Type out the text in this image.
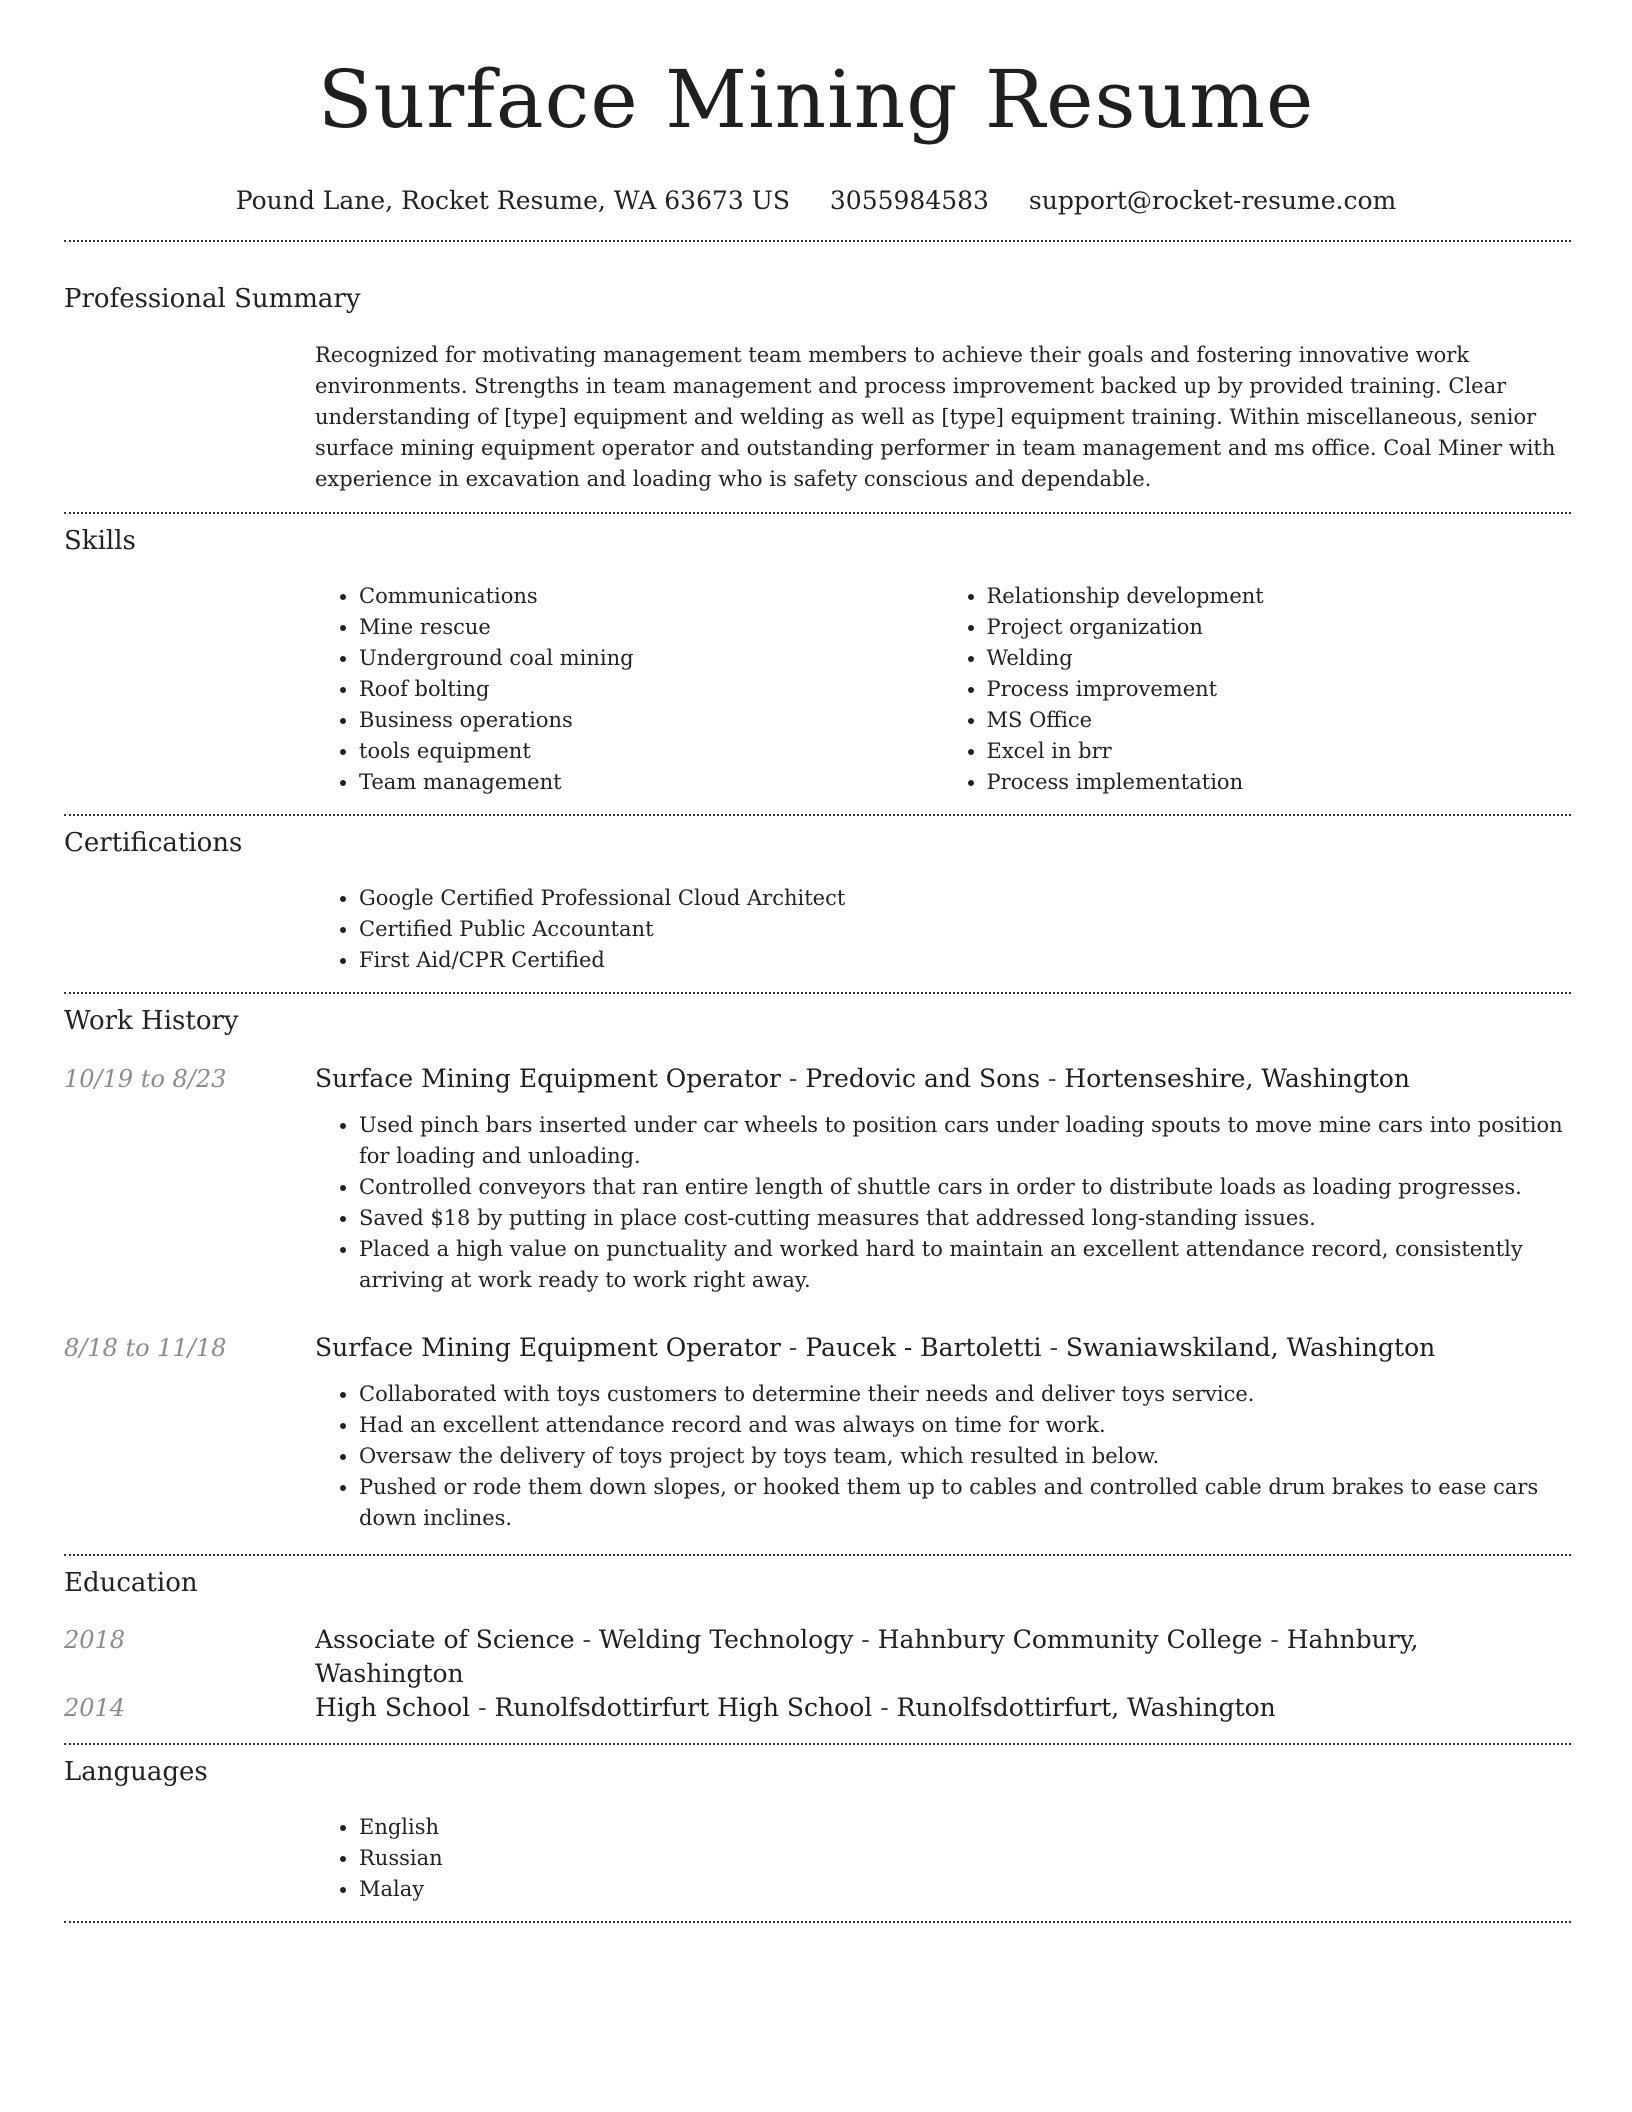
Surface Mining Resume
Pound Lane, Rocket Resume, WA 63673 US 3055984583 support@rocket-resume.com
Professional Summary

Recognized for motivating management team members to achieve their goals and fostering innovative work environments. Strengths in team management and process improvement backed up by provided training. Clear understanding of [type] equipment and welding as well as [type] equipment training. Within miscellaneous, senior surface mining equipment operator and outstanding performer in team management and ms office. Coal Miner with experience in excavation and loading who is safety conscious and dependable.

Skills
• Communications
• Mine rescue
• Underground coal mining
• Roof bolting
• Business operations
• tools equipment
• Team management
• Relationship development
• Project organization
• Welding
• Process improvement
• MS Office
• Excel in brr
• Process implementation
Certifications
• Google Certified Professional Cloud Architect
• Certified Public Accountant
• First Aid/CPR Certified
Work History
10/19 to 8/23	Surface Mining Equipment Operator - Predovic and Sons - Hortenseshire, Washington
• Used pinch bars inserted under car wheels to position cars under loading spouts to move mine cars into position for loading and unloading.
• Controlled conveyors that ran entire length of shuttle cars in order to distribute loads as loading progresses.
• Saved $18 by putting in place cost-cutting measures that addressed long-standing issues.
• Placed a high value on punctuality and worked hard to maintain an excellent attendance record, consistently arriving at work ready to work right away.
8/18 to 11/18	Surface Mining Equipment Operator - Paucek - Bartoletti - Swaniawskiland, Washington
• Collaborated with toys customers to determine their needs and deliver toys service.
• Had an excellent attendance record and was always on time for work.
• Oversaw the delivery of toys project by toys team, which resulted in below.
• Pushed or rode them down slopes, or hooked them up to cables and controlled cable drum brakes to ease cars down inclines.
Education
2018	Associate of Science - Welding Technology - Hahnbury Community College - Hahnbury, Washington
2014	High School - Runolfsdottirfurt High School - Runolfsdottirfurt, Washington
Languages
• English
• Russian
• Malay
